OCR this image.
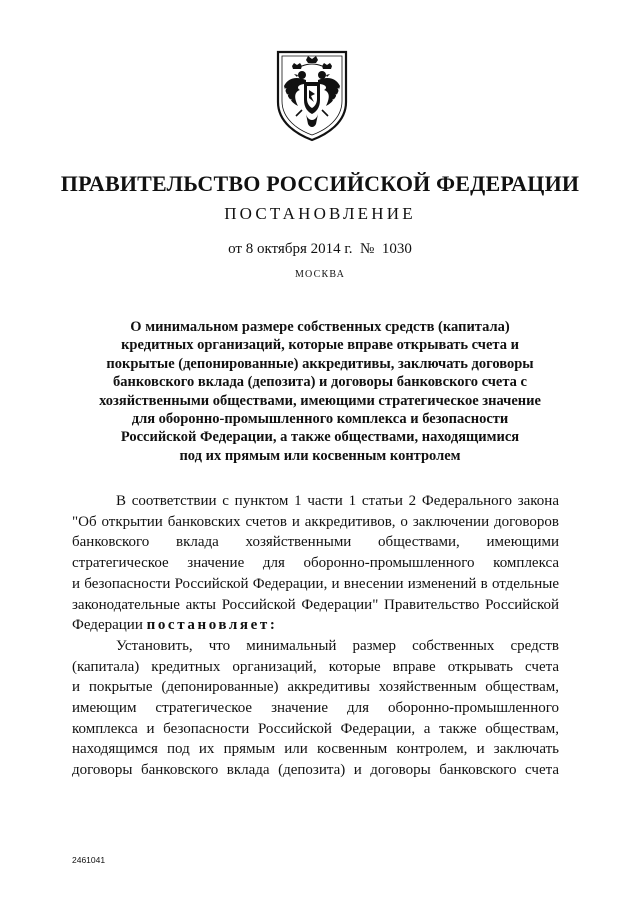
ПРАВИТЕЛЬСТВО РОССИЙСКОЙ ФЕДЕРАЦИИ
ПОСТАНОВЛЕНИЕ
от 8 октября 2014 г.  №  1030
МОСКВА
О минимальном размере собственных средств (капитала)
кредитных организаций, которые вправе открывать счета и
покрытые (депонированные) аккредитивы, заключать договоры
банковского вклада (депозита) и договоры банковского счета с
хозяйственными обществами, имеющими стратегическое значение
для оборонно-промышленного комплекса и безопасности
Российской Федерации, а также обществами, находящимися
под их прямым или косвенным контролем
В соответствии с пунктом 1 части 1 статьи 2 Федерального закона
"Об открытии банковских счетов и аккредитивов, о заключении договоров
банковского  вклада  хозяйственными  обществами,  имеющими
стратегическое  значение  для  оборонно-промышленного  комплекса
и безопасности Российской Федерации, и внесении изменений в отдельные
законодательные акты Российской Федерации" Правительство Российской
Федерации постановляет:
Установить,  что  минимальный  размер  собственных  средств
(капитала)  кредитных  организаций,  которые  вправе  открывать  счета
и  покрытые  (депонированные)  аккредитивы  хозяйственным  обществам,
имеющим  стратегическое  значение  для  оборонно-промышленного
комплекса  и  безопасности  Российской  Федерации,  а  также  обществам,
находящимся  под  их  прямым  или  косвенным  контролем,  и  заключать
договоры  банковского  вклада  (депозита)  и  договоры  банковского  счета
2461041
